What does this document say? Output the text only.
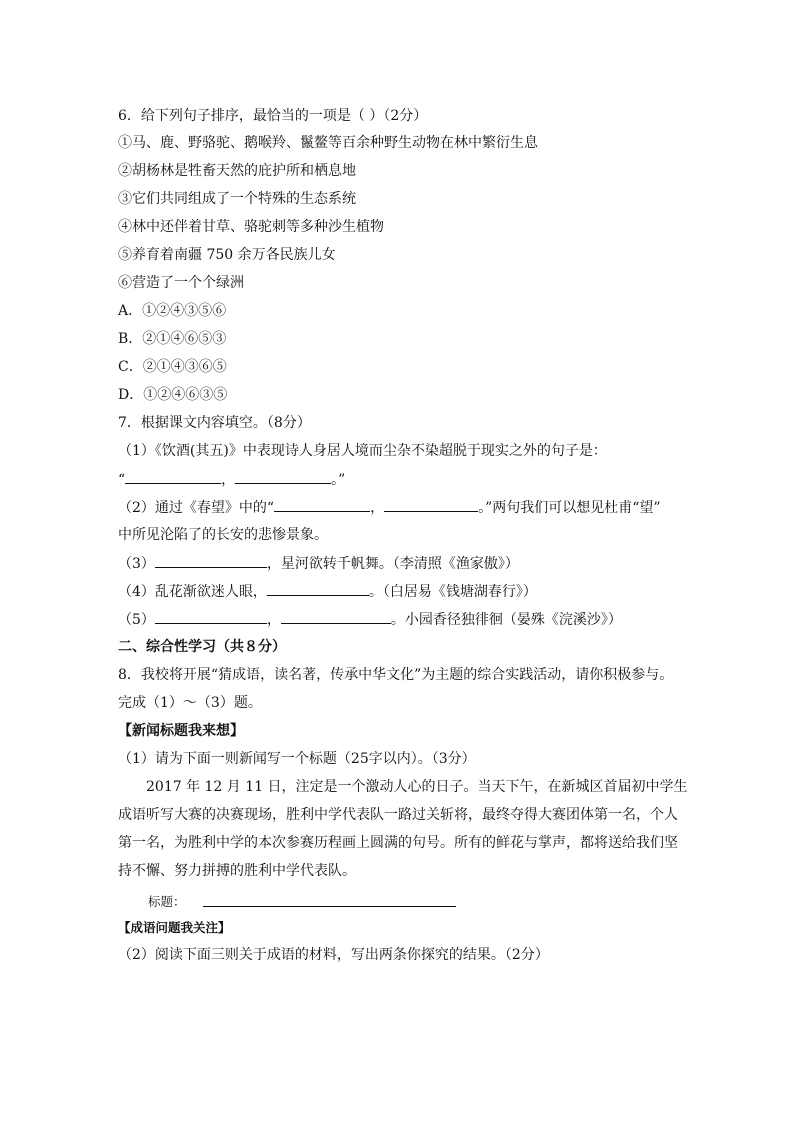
6．给下列句子排序，最恰当的一项是（ ）（2分）
①马、鹿、野骆驼、鹅喉羚、鬣鳌等百余种野生动物在林中繁衍生息
②胡杨林是牲畜天然的庇护所和栖息地
③它们共同组成了一个特殊的生态系统
④林中还伴着甘草、骆驼刺等多种沙生植物
⑤养育着南疆 750 余万各民族儿女
⑥营造了一个个绿洲
A．①②④③⑤⑥
B．②①④⑥⑤③
C．②①④③⑥⑤
D．①②④⑥③⑤
7．根据课文内容填空。（8分）
（1）《饮酒(其五)》中表现诗人身居人境而尘杂不染超脱于现实之外的句子是：
“	，	。”
（2）通过《春望》中的“	，	。”两句我们可以想见杜甫“望”
中所见沦陷了的长安的悲惨景象。
（3）	，星河欲转千帆舞。（李清照《渔家傲》）
（4）乱花渐欲迷人眼，	。（白居易《钱塘湖春行》）
（5）	，	。小园香径独徘徊（晏殊《浣溪沙》）
二、综合性学习（共８分）
8．我校将开展“猜成语，读名著，传承中华文化”为主题的综合实践活动，请你积极参与。
完成（1）～（3）题。
【新闻标题我来想】
（1）请为下面一则新闻写一个标题（25字以内）。（3分）
2017 年 12 月 11 日，注定是一个激动人心的日子。当天下午，在新城区首届初中学生
成语听写大赛的决赛现场，胜利中学代表队一路过关斩将，最终夺得大赛团体第一名，个人
第一名，为胜利中学的本次参赛历程画上圆满的句号。所有的鲜花与掌声，都将送给我们坚
持不懈、努力拼搏的胜利中学代表队。
标题：
【成语问题我关注】
（2）阅读下面三则关于成语的材料，写出两条你探究的结果。（2分）
